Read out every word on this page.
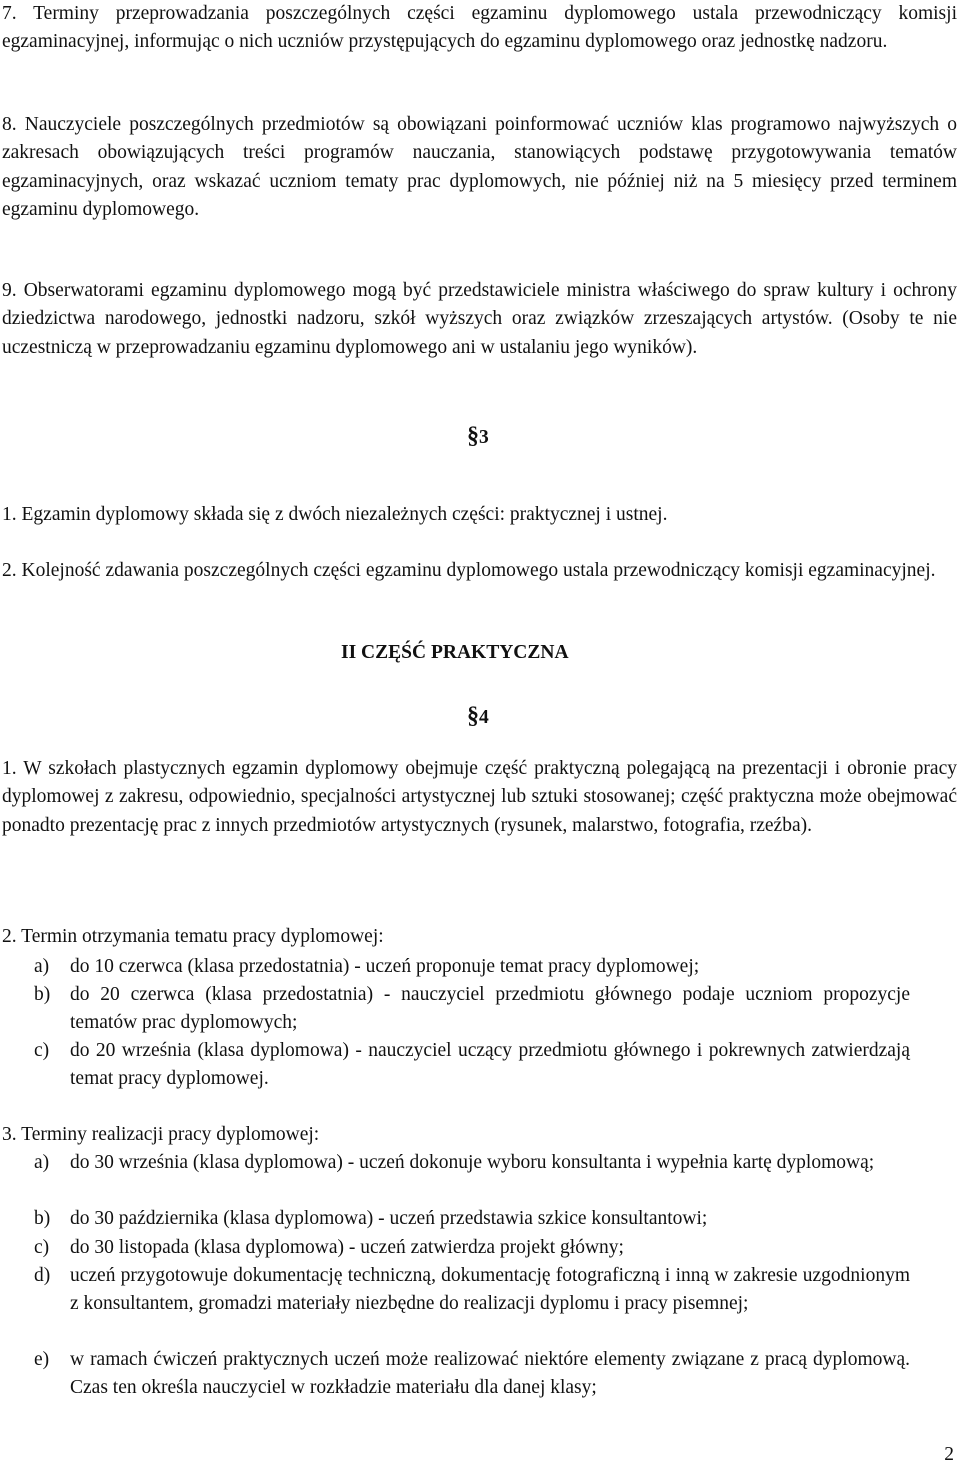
7. Terminy przeprowadzania poszczególnych części egzaminu dyplomowego ustala przewodniczący komisji egzaminacyjnej, informując o nich uczniów przystępujących do egzaminu dyplomowego oraz jednostkę nadzoru.

8. Nauczyciele poszczególnych przedmiotów są obowiązani poinformować uczniów klas programowo najwyższych o zakresach obowiązujących treści programów nauczania, stanowiących podstawę przygotowywania tematów egzaminacyjnych, oraz wskazać uczniom tematy prac dyplomowych, nie później niż na 5 miesięcy przed terminem egzaminu dyplomowego.

9. Obserwatorami egzaminu dyplomowego mogą być przedstawiciele ministra właściwego do spraw kultury i ochrony dziedzictwa narodowego, jednostki nadzoru, szkół wyższych oraz związków zrzeszających artystów. (Osoby te nie uczestniczą w przeprowadzaniu egzaminu dyplomowego ani w ustalaniu jego wyników).

§3

1. Egzamin dyplomowy składa się z dwóch niezależnych części: praktycznej i ustnej.

2. Kolejność zdawania poszczególnych części egzaminu dyplomowego ustala przewodniczący komisji egzaminacyjnej.

II CZĘŚĆ PRAKTYCZNA
§4

1. W szkołach plastycznych egzamin dyplomowy obejmuje część praktyczną polegającą na prezentacji i obronie pracy dyplomowej z zakresu, odpowiednio, specjalności artystycznej lub sztuki stosowanej; część praktyczna może obejmować ponadto prezentację prac z innych przedmiotów artystycznych (rysunek, malarstwo, fotografia, rzeźba).

2. Termin otrzymania tematu pracy dyplomowej:

a)	do 10 czerwca (klasa przedostatnia) - uczeń proponuje temat pracy dyplomowej;
b)	do 20 czerwca (klasa przedostatnia) - nauczyciel przedmiotu głównego podaje uczniom propozycje tematów prac dyplomowych;
c)	do 20 września (klasa dyplomowa) - nauczyciel uczący przedmiotu głównego i pokrewnych zatwierdzają temat pracy dyplomowej.

3. Terminy realizacji pracy dyplomowej:

a)	do 30 września (klasa dyplomowa) - uczeń dokonuje wyboru konsultanta i wypełnia kartę dyplomową;
b)	do 30 października (klasa dyplomowa) - uczeń przedstawia szkice konsultantowi;
c)	do 30 listopada (klasa dyplomowa) - uczeń zatwierdza projekt główny;
d)	uczeń przygotowuje dokumentację techniczną, dokumentację fotograficzną i inną w zakresie uzgodnionym z konsultantem, gromadzi materiały niezbędne do realizacji dyplomu i pracy pisemnej;
e)	w ramach ćwiczeń praktycznych uczeń może realizować niektóre elementy związane z pracą dyplomową. Czas ten określa nauczyciel w rozkładzie materiału dla danej klasy;
2
